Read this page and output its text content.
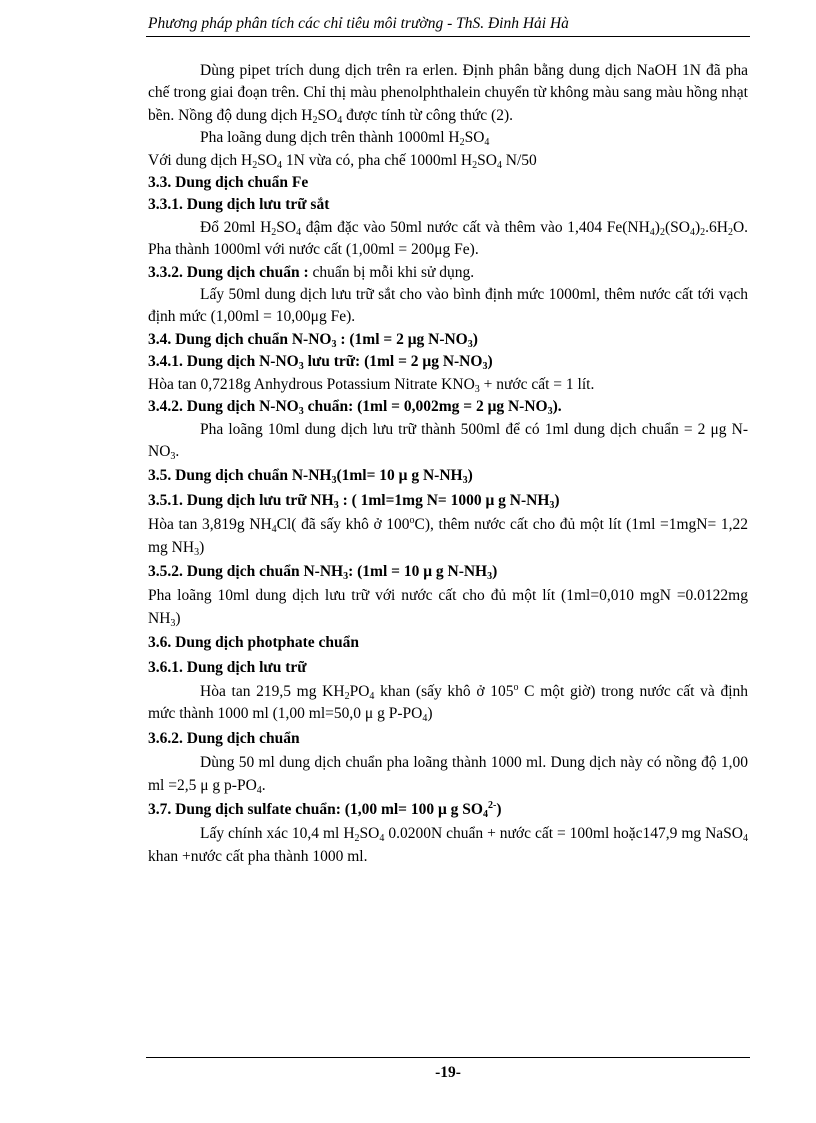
Phương pháp phân tích các chỉ tiêu môi trường - ThS. Đinh Hải Hà

Dùng pipet trích dung dịch trên ra erlen. Định phân bằng dung dịch NaOH 1N đã pha chế trong giai đoạn trên. Chỉ thị màu phenolphthalein chuyển từ không màu sang màu hồng nhạt bền. Nồng độ dung dịch $H_2SO_4$ được tính từ công thức (2).

Pha loãng dung dịch trên thành 1000ml $H_2SO_4$

Với dung dịch $H_2SO_4$ 1N vừa có, pha chế 1000ml $H_2SO_4$ N/50

3.3. Dung dịch chuẩn Fe

3.3.1. Dung dịch lưu trữ sắt

Đổ 20ml $H_2SO_4$ đậm đặc vào 50ml nước cất và thêm vào 1,404 $Fe(NH_4)_2(SO_4)_2.6H_2O$. Pha thành 1000ml với nước cất (1,00ml = 200μg Fe).

3.3.2. Dung dịch chuẩn : chuẩn bị mỗi khi sử dụng.

Lấy 50ml dung dịch lưu trữ sắt cho vào bình định mức 1000ml, thêm nước cất tới vạch định mức (1,00ml = 10,00μg Fe).

3.4. Dung dịch chuẩn $N-NO_3$ : (1ml = 2 μg $N-NO_3$)

3.4.1. Dung dịch $N-NO_3$ lưu trữ: (1ml = 2 μg $N-NO_3$)

Hòa tan 0,7218g Anhydrous Potassium Nitrate $KNO_3$ + nước cất = 1 lít.

3.4.2. Dung dịch $N-NO_3$ chuẩn: (1ml = 0,002mg = 2 μg $N-NO_3$).

Pha loãng 10ml dung dịch lưu trữ thành 500ml để có 1ml dung dịch chuẩn = 2 μg $N-NO_3$.

3.5. Dung dịch chuẩn $N-NH_3(1ml= 10$ μ g $N-NH_3$)

3.5.1. Dung dịch lưu trữ $NH_3$ : ( 1ml=1mg N= 1000 μ g $N-NH_3$)

Hòa tan 3,819g $NH_4Cl$( đã sấy khô ở 100$^o$C), thêm nước cất cho đủ một lít (1ml =1mgN= 1,22 mg $NH_3$)

3.5.2. Dung dịch chuẩn $N-NH_3$: (1ml = 10 μ g $N-NH_3$)

Pha loãng 10ml dung dịch lưu trữ với nước cất cho đủ một lít (1ml=0,010 mgN =0.0122mg $NH_3$)

3.6. Dung dịch photphate chuẩn

3.6.1. Dung dịch lưu trữ

Hòa tan 219,5 mg $KH_2PO_4$ khan (sấy khô ở 105$^o$ C một giờ) trong nước cất và định mức thành 1000 ml (1,00 ml=50,0 μ g $P-PO_4$)

3.6.2. Dung dịch chuẩn

Dùng 50 ml dung dịch chuẩn pha loãng thành 1000 ml. Dung dịch này có nồng độ 1,00 ml =2,5 μ g $p-PO_4$.

3.7. Dung dịch sulfate chuẩn: (1,00 ml= 100 μ g $SO_4^{2-}$)

Lấy chính xác 10,4 ml $H_2SO_4$ 0.0200N chuẩn + nước cất = 100ml hoặc147,9 mg NaSO$_4$ khan +nước cất pha thành 1000 ml.

-19-
